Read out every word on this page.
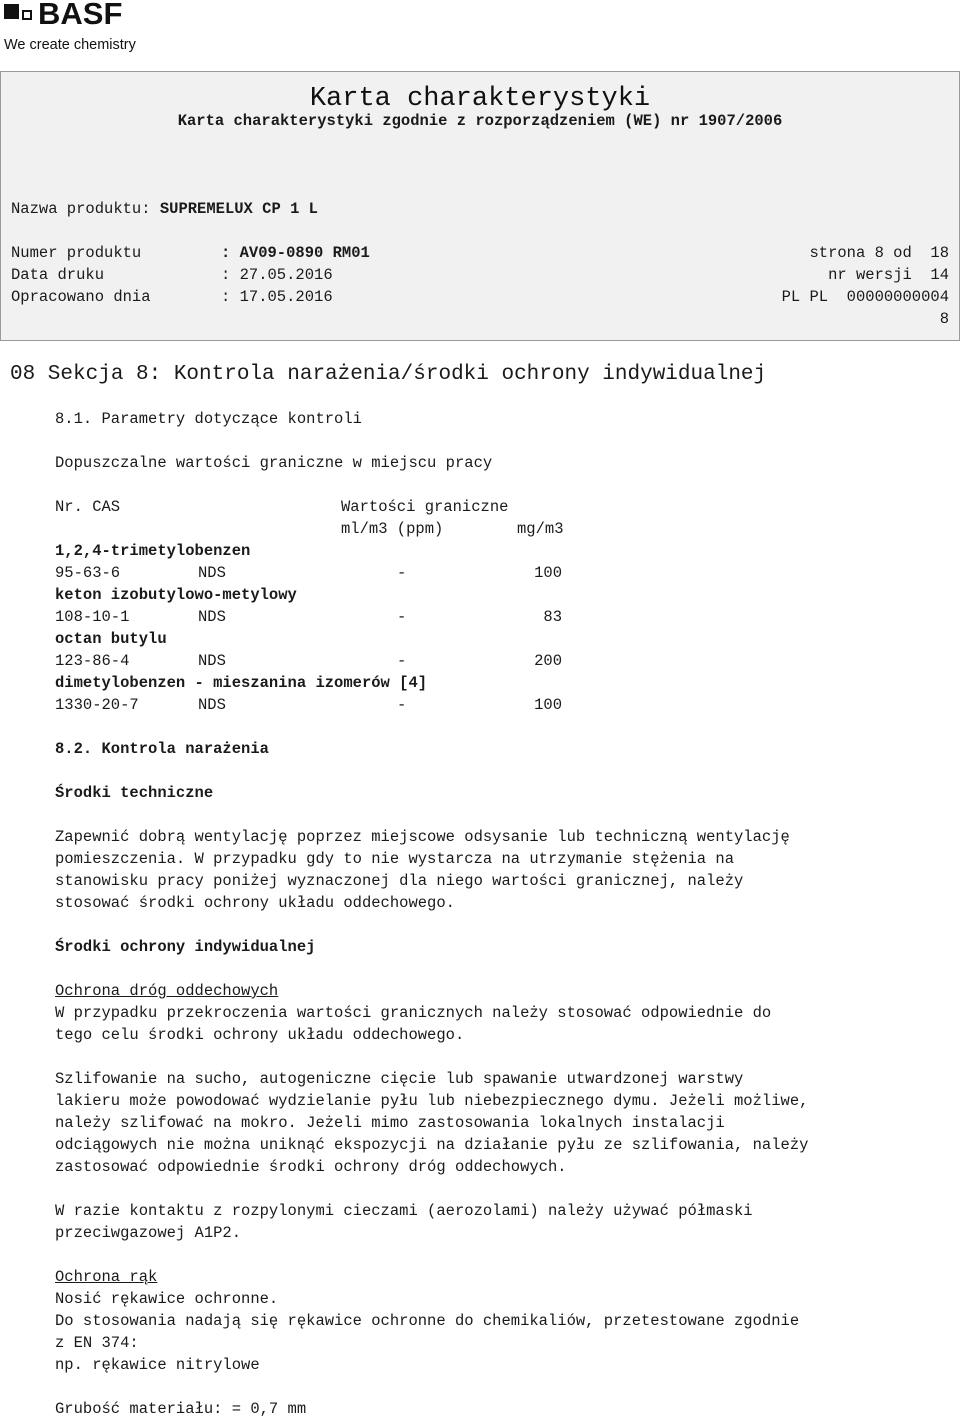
BASF
We create chemistry
Karta charakterystyki
Karta charakterystyki zgodnie z rozporządzeniem (WE) nr 1907/2006
Nazwa produktu: SUPREMELUX CP 1 L
Numer produktu	: AV09-0890 RM01	strona 8 od  18
Data druku	: 27.05.2016	nr wersji  14
Opracowano dnia	: 17.05.2016	PL PL  00000000004
8
08 Sekcja 8: Kontrola narażenia/środki ochrony indywidualnej
8.1. Parametry dotyczące kontroli
Dopuszczalne wartości graniczne w miejscu pracy
Nr. CAS	Wartości graniczne
ml/m3 (ppm)	mg/m3
1,2,4-trimetylobenzen
95-63-6	NDS	-	100
keton izobutylowo-metylowy
108-10-1	NDS	-	83
octan butylu
123-86-4	NDS	-	200
dimetylobenzen - mieszanina izomerów [4]
1330-20-7	NDS	-	100
8.2. Kontrola narażenia
Środki techniczne
Zapewnić dobrą wentylację poprzez miejscowe odsysanie lub techniczną wentylację
pomieszczenia. W przypadku gdy to nie wystarcza na utrzymanie stężenia na
stanowisku pracy poniżej wyznaczonej dla niego wartości granicznej, należy
stosować środki ochrony układu oddechowego.
Środki ochrony indywidualnej
Ochrona dróg oddechowych
W przypadku przekroczenia wartości granicznych należy stosować odpowiednie do
tego celu środki ochrony układu oddechowego.
Szlifowanie na sucho, autogeniczne cięcie lub spawanie utwardzonej warstwy
lakieru może powodować wydzielanie pyłu lub niebezpiecznego dymu. Jeżeli możliwe,
należy szlifować na mokro. Jeżeli mimo zastosowania lokalnych instalacji
odciągowych nie można uniknąć ekspozycji na działanie pyłu ze szlifowania, należy
zastosować odpowiednie środki ochrony dróg oddechowych.
W razie kontaktu z rozpylonymi cieczami (aerozolami) należy używać półmaski
przeciwgazowej A1P2.
Ochrona rąk
Nosić rękawice ochronne.
Do stosowania nadają się rękawice ochronne do chemikaliów, przetestowane zgodnie
z EN 374:
np. rękawice nitrylowe
Grubość materiału: = 0,7 mm
